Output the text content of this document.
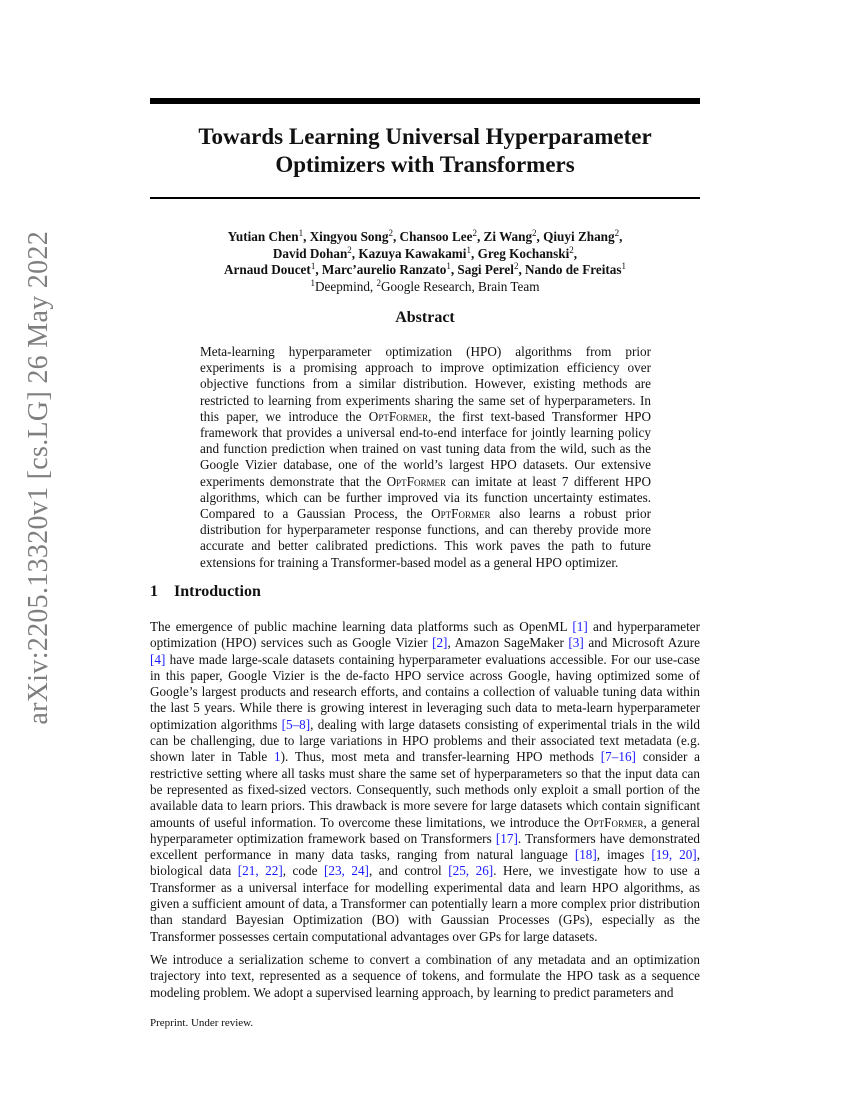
arXiv:2205.13320v1 [cs.LG] 26 May 2022
Towards Learning Universal Hyperparameter
Optimizers with Transformers
Yutian Chen$^1$, Xingyou Song$^2$, Chansoo Lee$^2$, Zi Wang$^2$, Qiuyi Zhang$^2$,
David Dohan$^2$, Kazuya Kawakami$^1$, Greg Kochanski$^2$,
Arnaud Doucet$^1$, Marc’aurelio Ranzato$^1$, Sagi Perel$^2$, Nando de Freitas$^1$
$^1$Deepmind, $^2$Google Research, Brain Team
Abstract

Meta-learning hyperparameter optimization (HPO) algorithms from prior experiments is a promising approach to improve optimization efficiency over objective functions from a similar distribution. However, existing methods are restricted to learning from experiments sharing the same set of hyperparameters. In this paper, we introduce the OptFormer, the first text-based Transformer HPO framework that provides a universal end-to-end interface for jointly learning policy and function prediction when trained on vast tuning data from the wild, such as the Google Vizier database, one of the world’s largest HPO datasets. Our extensive experiments demonstrate that the OptFormer can imitate at least 7 different HPO algorithms, which can be further improved via its function uncertainty estimates. Compared to a Gaussian Process, the OptFormer also learns a robust prior distribution for hyperparameter response functions, and can thereby provide more accurate and better calibrated predictions. This work paves the path to future extensions for training a Transformer-based model as a general HPO optimizer.

1 Introduction

The emergence of public machine learning data platforms such as OpenML [1] and hyperparameter optimization (HPO) services such as Google Vizier [2], Amazon SageMaker [3] and Microsoft Azure [4] have made large-scale datasets containing hyperparameter evaluations accessible. For our use-case in this paper, Google Vizier is the de-facto HPO service across Google, having optimized some of Google’s largest products and research efforts, and contains a collection of valuable tuning data within the last 5 years. While there is growing interest in leveraging such data to meta-learn hyperparameter optimization algorithms [5–8], dealing with large datasets consisting of experimental trials in the wild can be challenging, due to large variations in HPO problems and their associated text metadata (e.g. shown later in Table 1). Thus, most meta and transfer-learning HPO methods [7–16] consider a restrictive setting where all tasks must share the same set of hyperparameters so that the input data can be represented as fixed-sized vectors. Consequently, such methods only exploit a small portion of the available data to learn priors. This drawback is more severe for large datasets which contain significant amounts of useful information. To overcome these limitations, we introduce the OptFormer, a general hyperparameter optimization framework based on Transformers [17]. Transformers have demonstrated excellent performance in many data tasks, ranging from natural language [18], images [19, 20], biological data [21, 22], code [23, 24], and control [25, 26]. Here, we investigate how to use a Transformer as a universal interface for modelling experimental data and learn HPO algorithms, as given a sufficient amount of data, a Transformer can potentially learn a more complex prior distribution than standard Bayesian Optimization (BO) with Gaussian Processes (GPs), especially as the Transformer possesses certain computational advantages over GPs for large datasets.

We introduce a serialization scheme to convert a combination of any metadata and an optimization trajectory into text, represented as a sequence of tokens, and formulate the HPO task as a sequence modeling problem. We adopt a supervised learning approach, by learning to predict parameters and

Preprint. Under review.
